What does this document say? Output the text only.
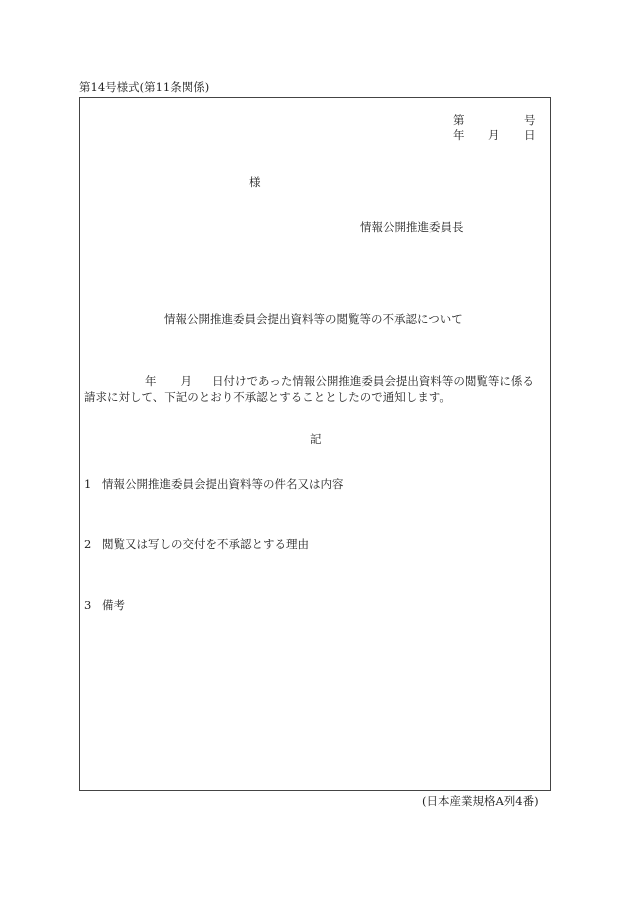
第14号様式(第11条関係)
第	号
年 月 日
様
情報公開推進委員長
情報公開推進委員会提出資料等の閲覧等の不承認について
年 月 日付けであった情報公開推進委員会提出資料等の閲覧等に係る
請求に対して、下記のとおり不承認とすることとしたので通知します。
記
1 情報公開推進委員会提出資料等の件名又は内容
2 閲覧又は写しの交付を不承認とする理由
3 備考
(日本産業規格A列4番)
